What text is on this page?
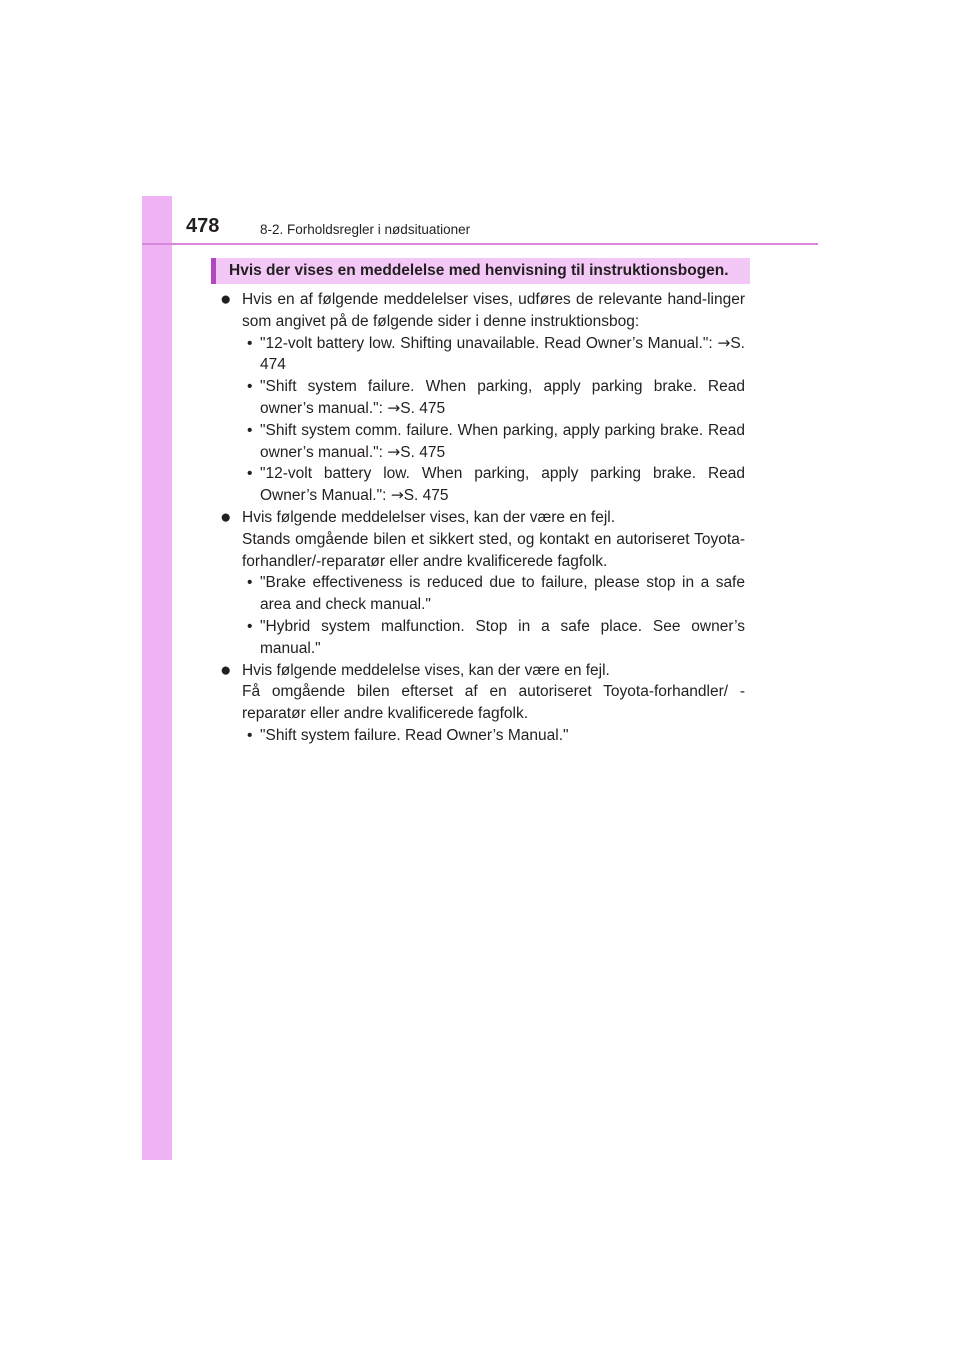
478	8-2. Forholdsregler i nødsituationer
Hvis der vises en meddelelse med henvisning til instruktionsbogen.
● Hvis en af følgende meddelelser vises, udføres de relevante hand-linger som angivet på de følgende sider i denne instruktionsbog:

• "12-volt battery low. Shifting unavailable. Read Owner’s Manual.": →S. 474
• "Shift system failure. When parking, apply parking brake. Read owner’s manual.": →S. 475
• "Shift system comm. failure. When parking, apply parking brake. Read owner’s manual.": →S. 475
• "12-volt battery low. When parking, apply parking brake. Read Owner’s Manual.": →S. 475
● Hvis følgende meddelelser vises, kan der være en fejl.

Stands omgående bilen et sikkert sted, og kontakt en autoriseret Toyota-forhandler/-reparatør eller andre kvalificerede fagfolk.

• "Brake effectiveness is reduced due to failure, please stop in a safe area and check manual."
• "Hybrid system malfunction. Stop in a safe place. See owner’s manual."
● Hvis følgende meddelelse vises, kan der være en fejl.

Få omgående bilen efterset af en autoriseret Toyota-forhandler/ -reparatør eller andre kvalificerede fagfolk.

• "Shift system failure. Read Owner’s Manual."
